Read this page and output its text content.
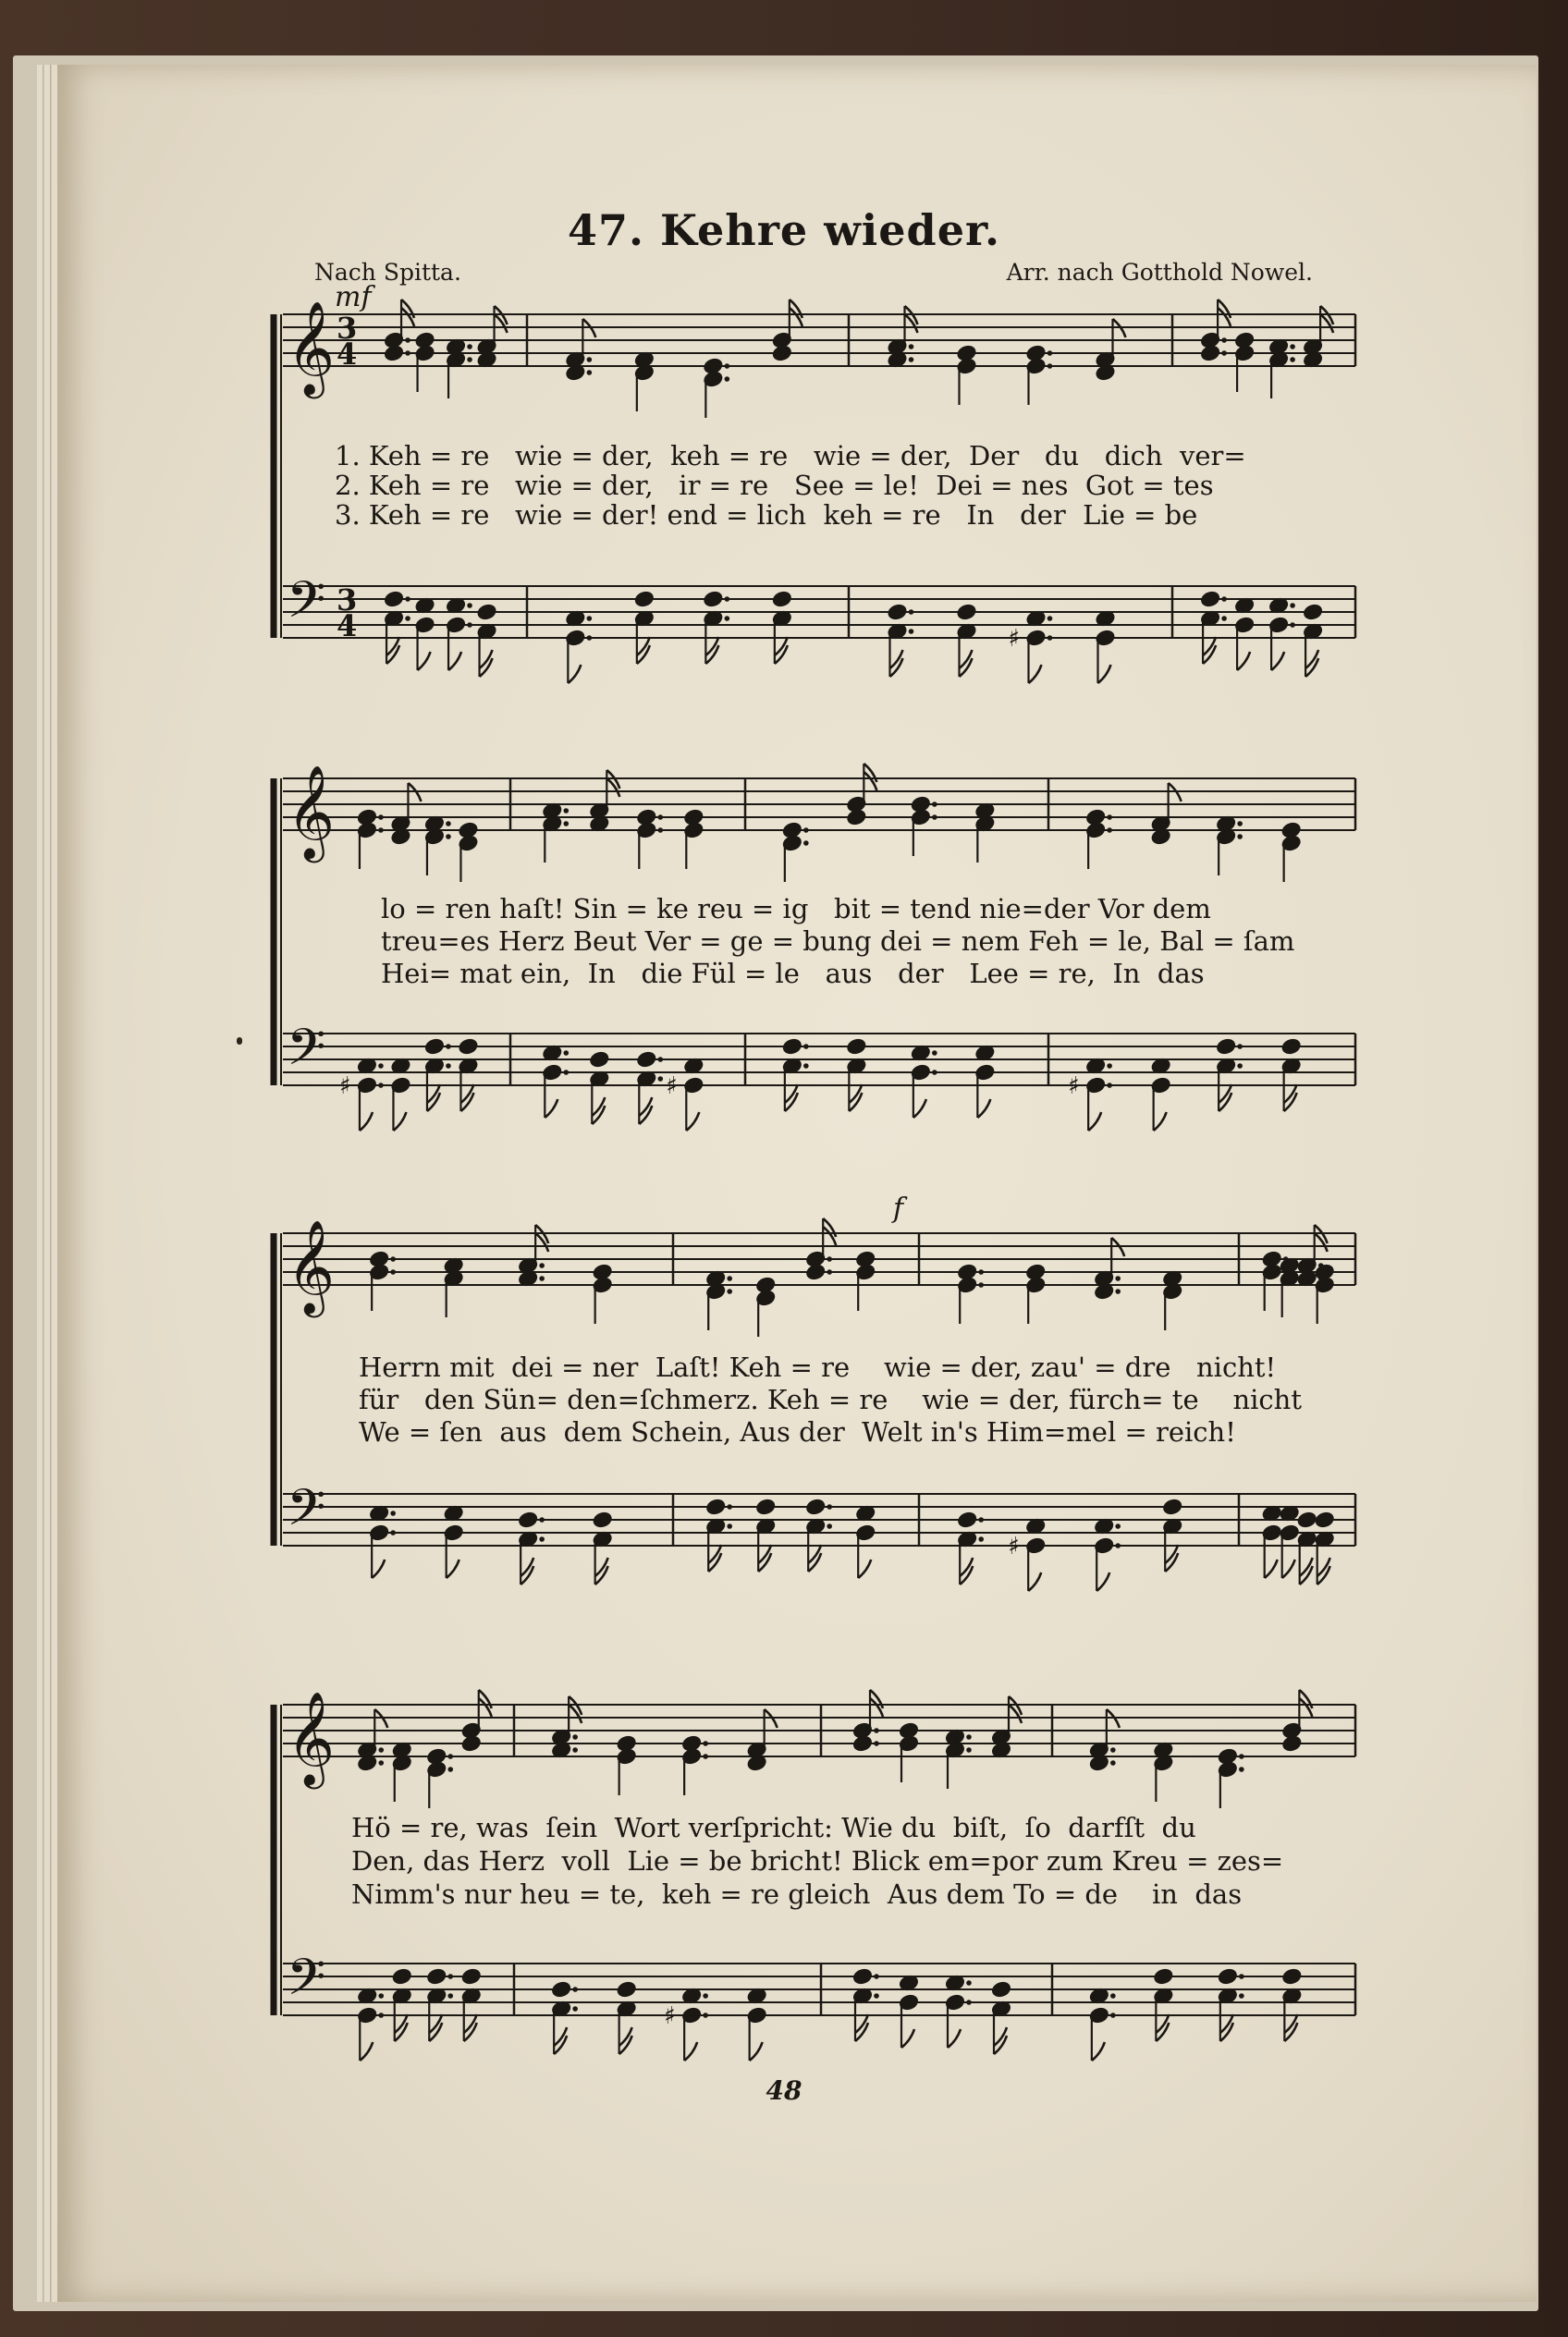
47. Kehre wieder.
Nach Spitta.	Arr. nach Gotthold Nowel.
𝄞
𝄢
3
4
3
4	♯
𝄞
𝄢 ♯	♯	♯
𝄞
𝄢	♯
𝄞
𝄢	♯
mf
1. Keh = re   wie = der,  keh = re   wie = der,  Der   du   dich  ver=
2. Keh = re   wie = der,   ir = re   See = le!  Dei = nes  Got = tes
3. Keh = re   wie = der! end = lich  keh = re   In   der  Lie = be
lo = ren haſt! Sin = ke reu = ig   bit = tend nie=der Vor dem
treu=es Herz Beut Ver = ge = bung dei = nem Feh = le, Bal = ſam
Hei= mat ein,  In   die Fül = le   aus   der   Lee = re,  In  das
f
Herrn mit  dei = ner  Laſt! Keh = re    wie = der, zau' = dre   nicht!
für   den Sün= den=ſchmerz. Keh = re    wie = der, fürch= te    nicht
We = ſen  aus  dem Schein, Aus der  Welt in's Him=mel = reich!
Hö = re, was  ſein  Wort verſpricht: Wie du  biſt,  ſo  darfſt  du
Den, das Herz  voll  Lie = be bricht! Blick em=por zum Kreu = zes=
Nimm's nur heu = te,  keh = re gleich  Aus dem To = de    in  das
48
